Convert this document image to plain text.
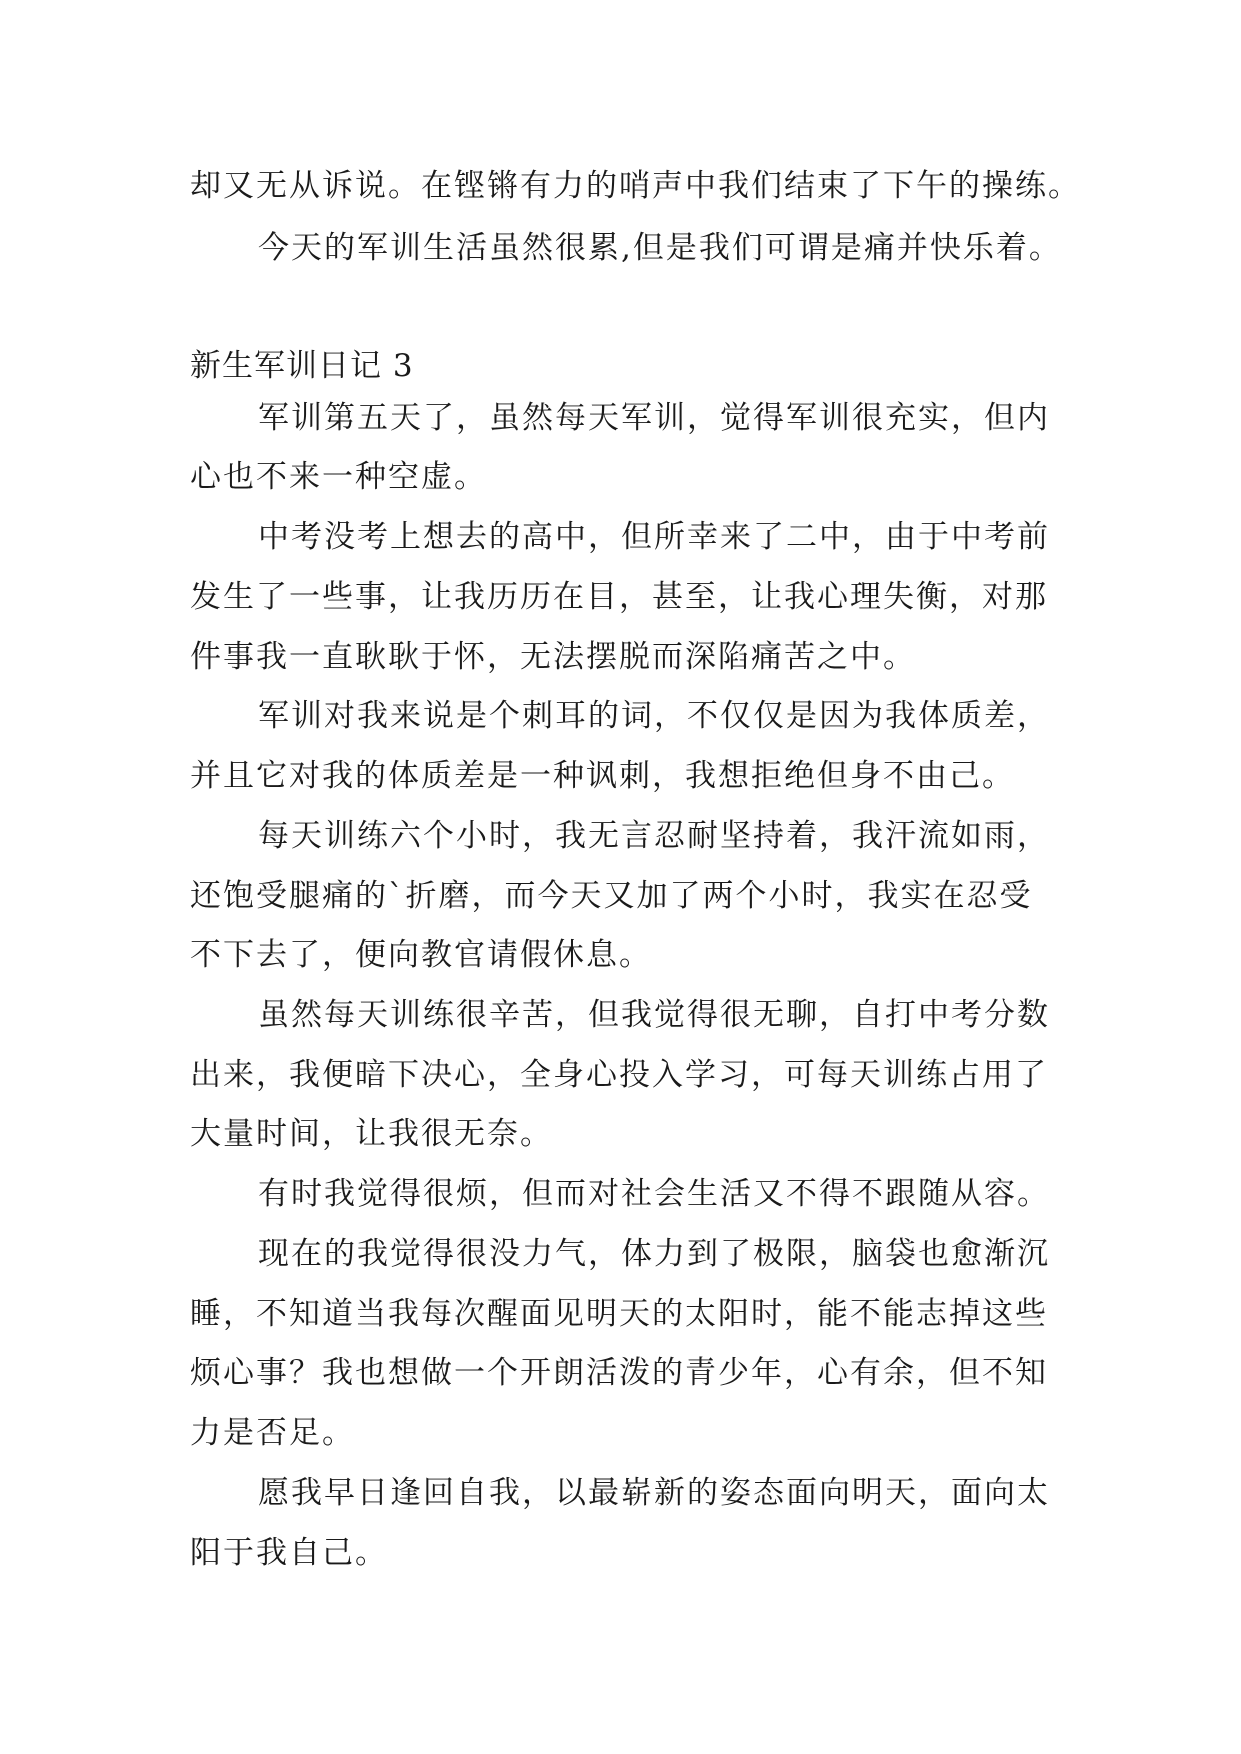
却又无从诉说。在铿锵有力的哨声中我们结束了下午的操练。
今天的军训生活虽然很累,但是我们可谓是痛并快乐着。
新生军训日记 3
军训第五天了，虽然每天军训，觉得军训很充实，但内
心也不来一种空虚。
中考没考上想去的高中，但所幸来了二中，由于中考前
发生了一些事，让我历历在目，甚至，让我心理失衡，对那
件事我一直耿耿于怀，无法摆脱而深陷痛苦之中。
军训对我来说是个刺耳的词，不仅仅是因为我体质差，
并且它对我的体质差是一种讽刺，我想拒绝但身不由己。
每天训练六个小时，我无言忍耐坚持着，我汗流如雨，
还饱受腿痛的`折磨，而今天又加了两个小时，我实在忍受
不下去了，便向教官请假休息。
虽然每天训练很辛苦，但我觉得很无聊，自打中考分数
出来，我便暗下决心，全身心投入学习，可每天训练占用了
大量时间，让我很无奈。
有时我觉得很烦，但而对社会生活又不得不跟随从容。
现在的我觉得很没力气，体力到了极限，脑袋也愈渐沉
睡，不知道当我每次醒面见明天的太阳时，能不能志掉这些
烦心事？我也想做一个开朗活泼的青少年，心有余，但不知
力是否足。
愿我早日逢回自我，以最崭新的姿态面向明天，面向太
阳于我自己。
